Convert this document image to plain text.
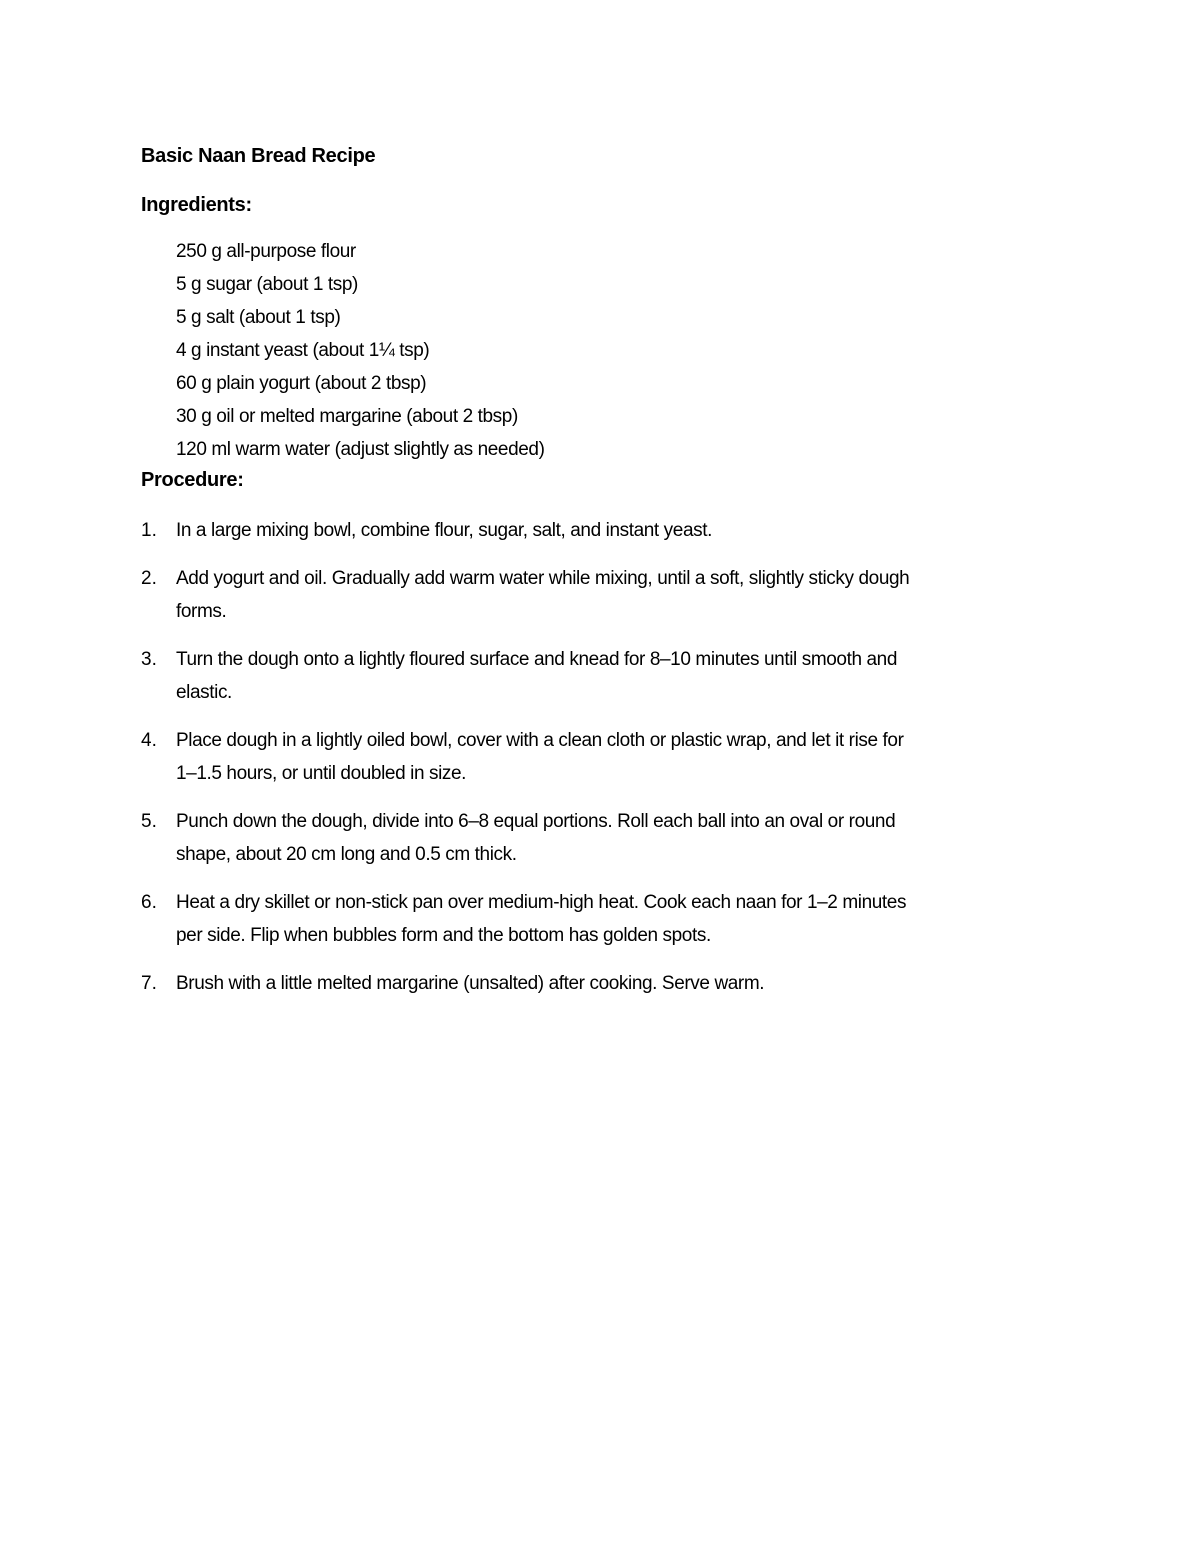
Basic Naan Bread Recipe
Ingredients:
250 g all-purpose flour
5 g sugar (about 1 tsp)
5 g salt (about 1 tsp)
4 g instant yeast (about 1¼ tsp)
60 g plain yogurt (about 2 tbsp)
30 g oil or melted margarine (about 2 tbsp)
120 ml warm water (adjust slightly as needed)
Procedure:
1.	In a large mixing bowl, combine flour, sugar, salt, and instant yeast.
2.	Add yogurt and oil. Gradually add warm water while mixing, until a soft, slightly sticky dough
forms.
3.	Turn the dough onto a lightly floured surface and knead for 8–10 minutes until smooth and
elastic.
4.	Place dough in a lightly oiled bowl, cover with a clean cloth or plastic wrap, and let it rise for
1–1.5 hours, or until doubled in size.
5.	Punch down the dough, divide into 6–8 equal portions. Roll each ball into an oval or round
shape, about 20 cm long and 0.5 cm thick.
6.	Heat a dry skillet or non-stick pan over medium-high heat. Cook each naan for 1–2 minutes
per side. Flip when bubbles form and the bottom has golden spots.
7.	Brush with a little melted margarine (unsalted) after cooking. Serve warm.
